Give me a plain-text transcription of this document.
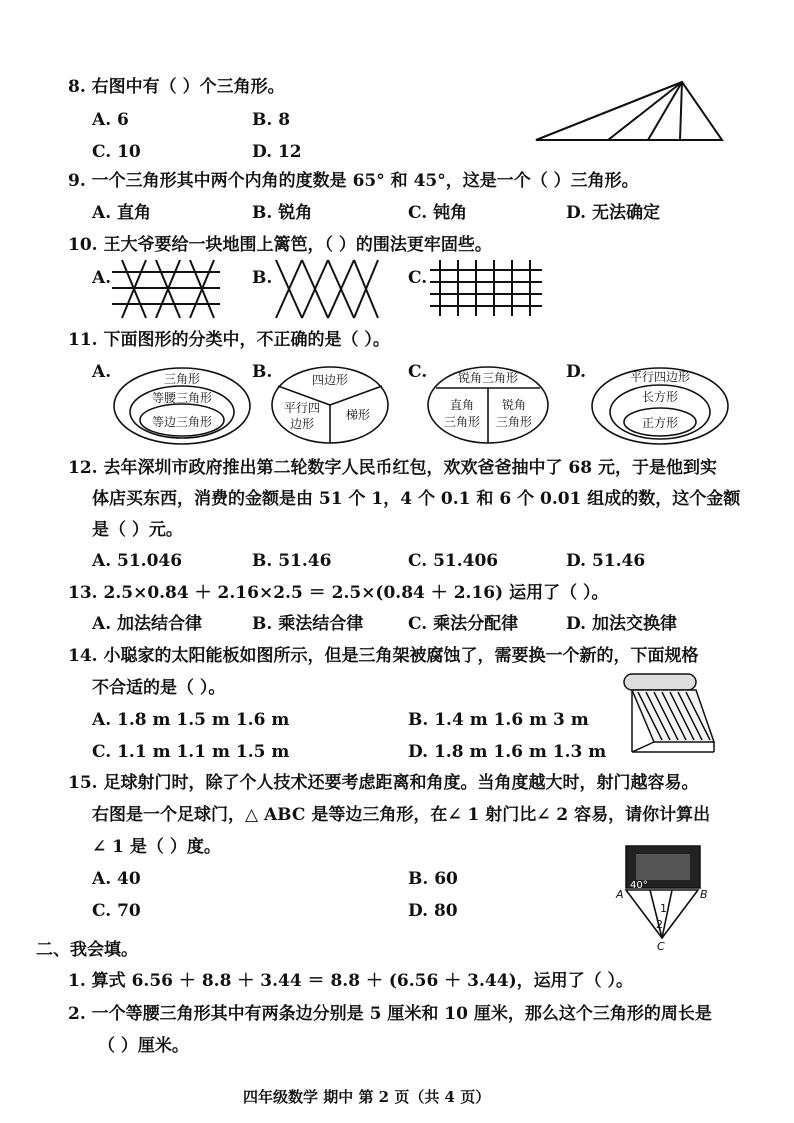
8. 右图中有（ ）个三角形。
A. 6	B. 8
C. 10	D. 12
9. 一个三角形其中两个内角的度数是 65° 和 45°，这是一个（ ）三角形。
A. 直角	B. 锐角	C. 钝角	D. 无法确定
10. 王大爷要给一块地围上篱笆，（ ）的围法更牢固些。
A.	B.	C.
11. 下面图形的分类中，不正确的是（ ）。
A.	B.	C.	D.
三角形
等腰三角形
等边三角形
四边形
平行四
边形
梯形
锐角三角形
直角
三角形
锐角
三角形
平行四边形
长方形
正方形
12. 去年深圳市政府推出第二轮数字人民币红包，欢欢爸爸抽中了 68 元，于是他到实
体店买东西，消费的金额是由 51 个 1，4 个 0.1 和 6 个 0.01 组成的数，这个金额
是（ ）元。
A. 51.046	B. 51.46	C. 51.406	D. 51.46
13. 2.5×0.84 ＋ 2.16×2.5 ＝ 2.5×(0.84 ＋ 2.16) 运用了（ ）。
A. 加法结合律	B. 乘法结合律	C. 乘法分配律	D. 加法交换律
14. 小聪家的太阳能板如图所示，但是三角架被腐蚀了，需要换一个新的，下面规格
不合适的是（ ）。
A. 1.8 m 1.5 m 1.6 m	B. 1.4 m 1.6 m 3 m
C. 1.1 m 1.1 m 1.5 m	D. 1.8 m 1.6 m 1.3 m
15. 足球射门时，除了个人技术还要考虑距离和角度。当角度越大时，射门越容易。
右图是一个足球门，△ ABC 是等边三角形，在∠ 1 射门比∠ 2 容易，请你计算出
∠ 1 是（ ）度。
A. 40	B. 60
C. 70	D. 80
A	B
C
40°
1
2
二、我会填。
1. 算式 6.56 ＋ 8.8 ＋ 3.44 ＝ 8.8 ＋ (6.56 ＋ 3.44)，运用了（ ）。
2. 一个等腰三角形其中有两条边分别是 5 厘米和 10 厘米，那么这个三角形的周长是
（ ）厘米。
四年级数学 期中 第 2 页（共 4 页）
